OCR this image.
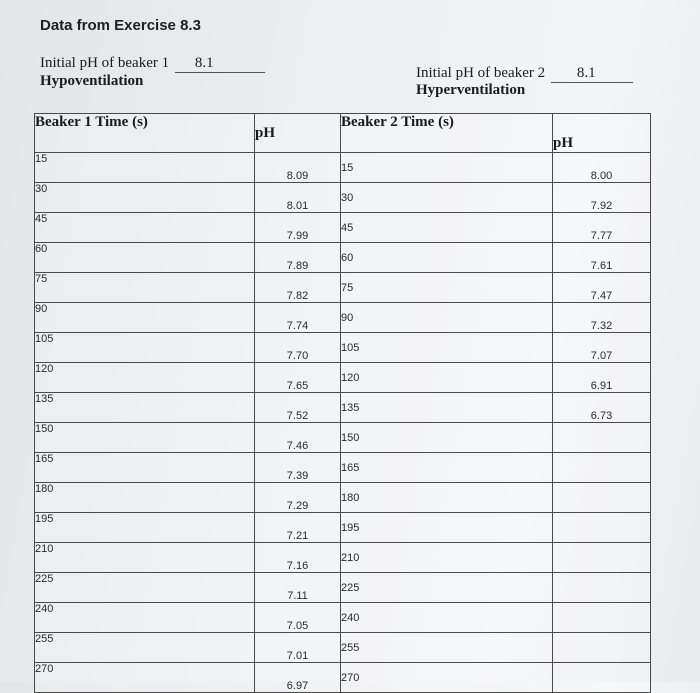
Data from Exercise 8.3
Initial pH of beaker 1 8.1
Hypoventilation	Initial pH of beaker 2 8.1
Hyperventilation
Beaker 1 Time (s)	pH	Beaker 2 Time (s)	pH
15	8.09	15	8.00
30	8.01	30	7.92
45	7.99	45	7.77
60	7.89	60	7.61
75	7.82	75	7.47
90	7.74	90	7.32
105	7.70	105	7.07
120	7.65	120	6.91
135	7.52	135	6.73
150	7.46	150	
165	7.39	165	
180	7.29	180	
195	7.21	195	
210	7.16	210	
225	7.11	225	
240	7.05	240	
255	7.01	255	
270	6.97	270	
